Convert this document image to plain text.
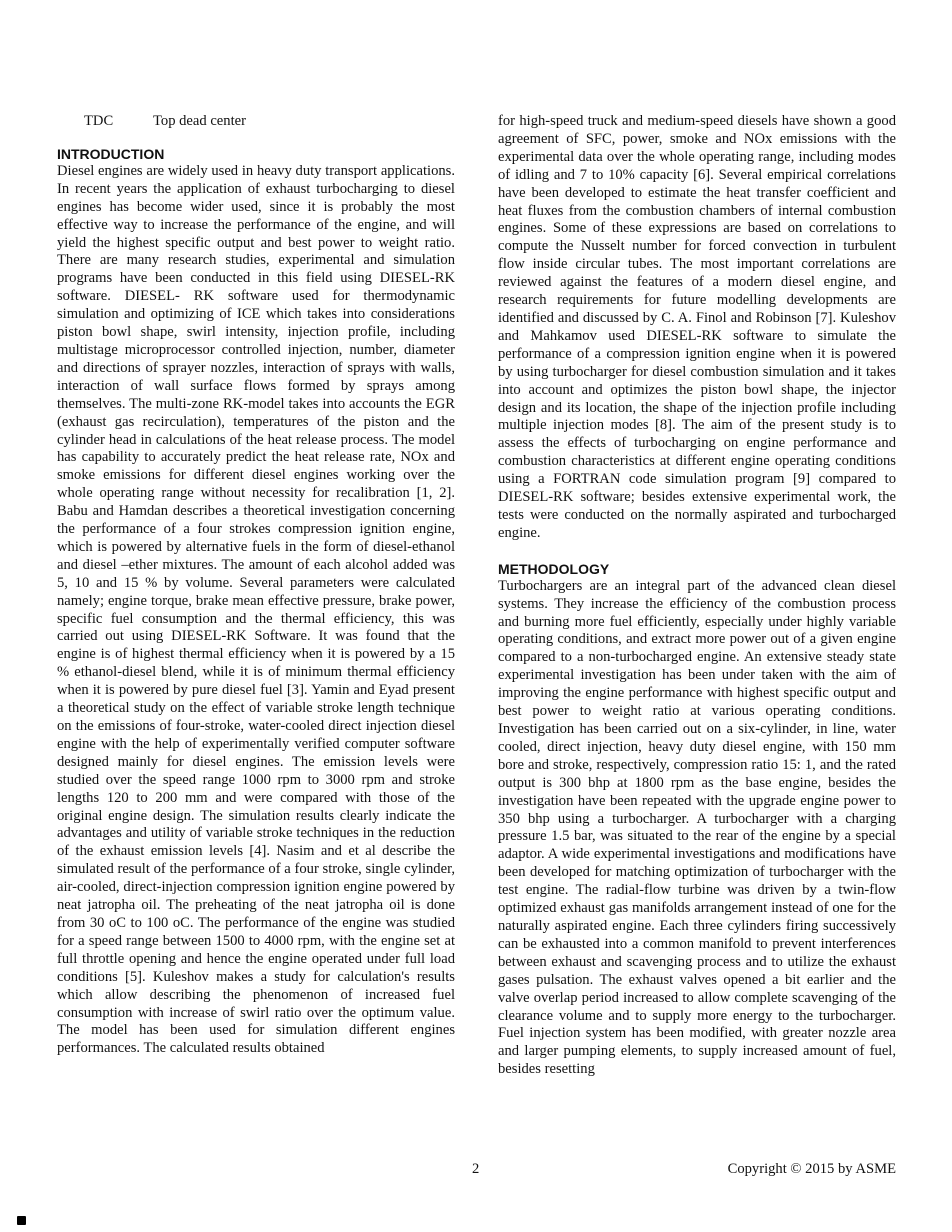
TDC	Top dead center
INTRODUCTION

Diesel engines are widely used in heavy duty transport applications. In recent years the application of exhaust turbocharging to diesel engines has become wider used, since it is probably the most effective way to increase the performance of the engine, and will yield the highest specific output and best power to weight ratio. There are many research studies, experimental and simulation programs have been conducted in this field using DIESEL-RK software. DIESEL- RK software used for thermodynamic simulation and optimizing of ICE which takes into considerations piston bowl shape, swirl intensity, injection profile, including multistage microprocessor controlled injection, number, diameter and directions of sprayer nozzles, interaction of sprays with walls, interaction of wall surface flows formed by sprays among themselves. The multi-zone RK-model takes into accounts the EGR (exhaust gas recirculation), temperatures of the piston and the cylinder head in calculations of the heat release process. The model has capability to accurately predict the heat release rate, NOx and smoke emissions for different diesel engines working over the whole operating range without necessity for recalibration [1, 2]. Babu and Hamdan describes a theoretical investigation concerning the performance of a four strokes compression ignition engine, which is powered by alternative fuels in the form of diesel-ethanol and diesel –ether mixtures. The amount of each alcohol added was 5, 10 and 15 % by volume. Several parameters were calculated namely; engine torque, brake mean effective pressure, brake power, specific fuel consumption and the thermal efficiency, this was carried out using DIESEL-RK Software. It was found that the engine is of highest thermal efficiency when it is powered by a 15 % ethanol-diesel blend, while it is of minimum thermal efficiency when it is powered by pure diesel fuel [3]. Yamin and Eyad present a theoretical study on the effect of variable stroke length technique on the emissions of four-stroke, water-cooled direct injection diesel engine with the help of experimentally verified computer software designed mainly for diesel engines. The emission levels were studied over the speed range 1000 rpm to 3000 rpm and stroke lengths 120 to 200 mm and were compared with those of the original engine design. The simulation results clearly indicate the advantages and utility of variable stroke techniques in the reduction of the exhaust emission levels [4]. Nasim and et al describe the simulated result of the performance of a four stroke, single cylinder, air-cooled, direct-injection compression ignition engine powered by neat jatropha oil. The preheating of the neat jatropha oil is done from 30 oC to 100 oC. The performance of the engine was studied for a speed range between 1500 to 4000 rpm, with the engine set at full throttle opening and hence the engine operated under full load conditions [5]. Kuleshov makes a study for calculation's results which allow describing the phenomenon of increased fuel consumption with increase of swirl ratio over the optimum value. The model has been used for simulation different engines performances. The calculated results obtained

for high-speed truck and medium-speed diesels have shown a good agreement of SFC, power, smoke and NOx emissions with the experimental data over the whole operating range, including modes of idling and 7 to 10% capacity [6]. Several empirical correlations have been developed to estimate the heat transfer coefficient and heat fluxes from the combustion chambers of internal combustion engines. Some of these expressions are based on correlations to compute the Nusselt number for forced convection in turbulent flow inside circular tubes. The most important correlations are reviewed against the features of a modern diesel engine, and research requirements for future modelling developments are identified and discussed by C. A. Finol and Robinson [7]. Kuleshov and Mahkamov used DIESEL-RK software to simulate the performance of a compression ignition engine when it is powered by using turbocharger for diesel combustion simulation and it takes into account and optimizes the piston bowl shape, the injector design and its location, the shape of the injection profile including multiple injection modes [8]. The aim of the present study is to assess the effects of turbocharging on engine performance and combustion characteristics at different engine operating conditions using a FORTRAN code simulation program [9] compared to DIESEL-RK software; besides extensive experimental work, the tests were conducted on the normally aspirated and turbocharged engine.

METHODOLOGY

Turbochargers are an integral part of the advanced clean diesel systems. They increase the efficiency of the combustion process and burning more fuel efficiently, especially under highly variable operating conditions, and extract more power out of a given engine compared to a non-turbocharged engine. An extensive steady state experimental investigation has been under taken with the aim of improving the engine performance with highest specific output and best power to weight ratio at various operating conditions. Investigation has been carried out on a six-cylinder, in line, water cooled, direct injection, heavy duty diesel engine, with 150 mm bore and stroke, respectively, compression ratio 15: 1, and the rated output is 300 bhp at 1800 rpm as the base engine, besides the investigation have been repeated with the upgrade engine power to 350 bhp using a turbocharger. A turbocharger with a charging pressure 1.5 bar, was situated to the rear of the engine by a special adaptor. A wide experimental investigations and modifications have been developed for matching optimization of turbocharger with the test engine. The radial-flow turbine was driven by a twin-flow optimized exhaust gas manifolds arrangement instead of one for the naturally aspirated engine. Each three cylinders firing successively can be exhausted into a common manifold to prevent interferences between exhaust and scavenging process and to utilize the exhaust gases pulsation. The exhaust valves opened a bit earlier and the valve overlap period increased to allow complete scavenging of the clearance volume and to supply more energy to the turbocharger. Fuel injection system has been modified, with greater nozzle area and larger pumping elements, to supply increased amount of fuel, besides resetting

2	Copyright © 2015 by ASME
